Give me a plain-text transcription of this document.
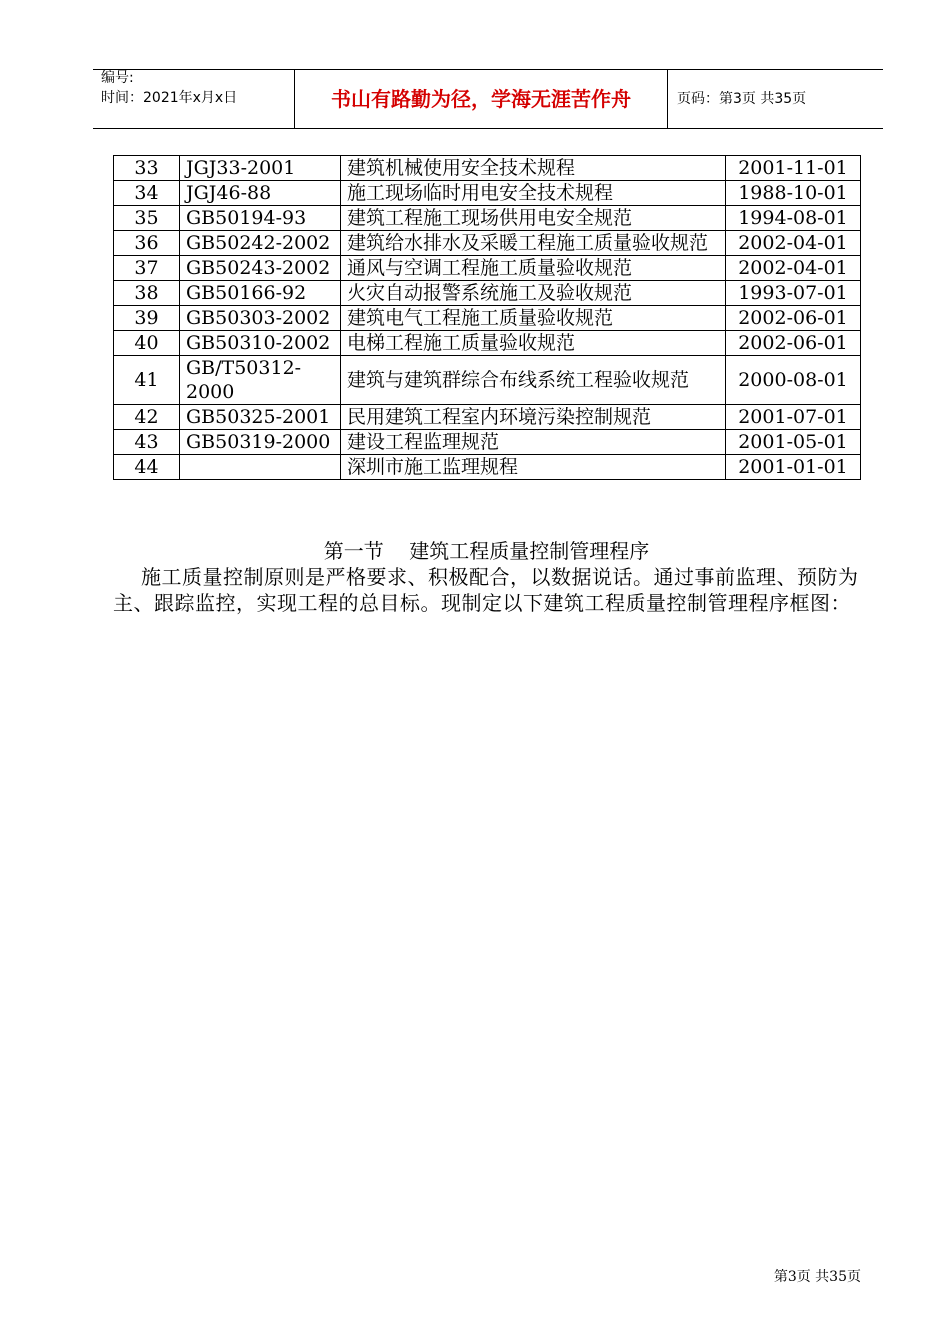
编号:
时间：2021年x月x日	书山有路勤为径，学海无涯苦作舟	页码：第3页 共35页
33	JGJ33-2001	建筑机械使用安全技术规程	2001-11-01
34	JGJ46-88	施工现场临时用电安全技术规程	1988-10-01
35	GB50194-93	建筑工程施工现场供用电安全规范	1994-08-01
36	GB50242-2002	建筑给水排水及采暖工程施工质量验收规范	2002-04-01
37	GB50243-2002	通风与空调工程施工质量验收规范	2002-04-01
38	GB50166-92	火灾自动报警系统施工及验收规范	1993-07-01
39	GB50303-2002	建筑电气工程施工质量验收规范	2002-06-01
40	GB50310-2002	电梯工程施工质量验收规范	2002-06-01
41	GB/T50312-2000	建筑与建筑群综合布线系统工程验收规范	2000-08-01
42	GB50325-2001	民用建筑工程室内环境污染控制规范	2001-07-01
43	GB50319-2000	建设工程监理规范	2001-05-01
44		深圳市施工监理规程	2001-01-01
第一节    建筑工程质量控制管理程序
施工质量控制原则是严格要求、积极配合，以数据说话。通过事前监理、预防为主、跟踪监控，实现工程的总目标。现制定以下建筑工程质量控制管理程序框图：
第3页 共35页
